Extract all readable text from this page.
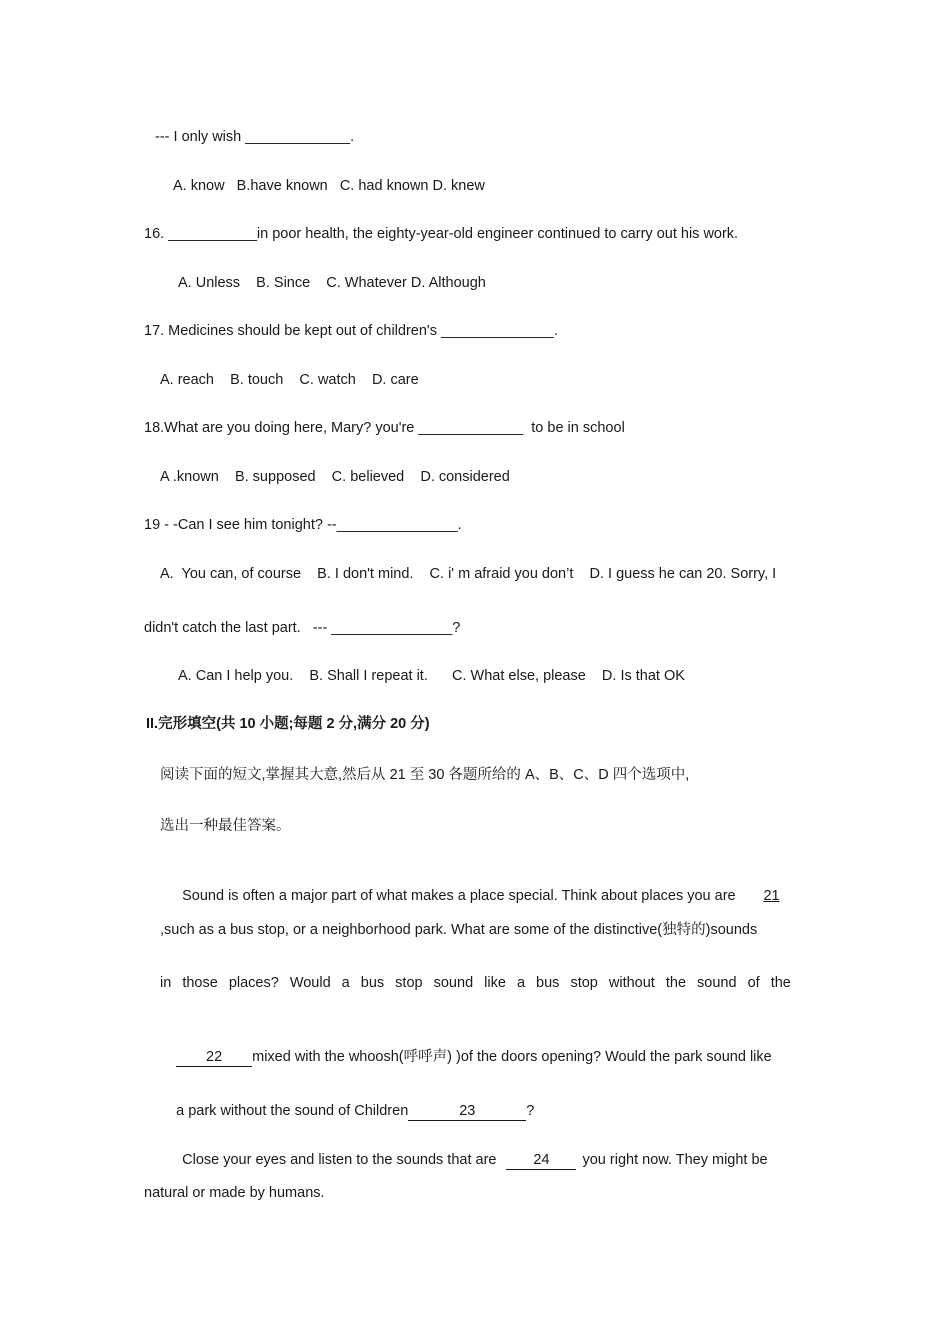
--- I only wish _____________.
A. know   B.have known   C. had known D. knew
16. ___________in poor health, the eighty-year-old engineer continued to carry out his work.
A. Unless    B. Since    C. Whatever D. Although
17. Medicines should be kept out of children's ______________.
A. reach    B. touch    C. watch    D. care
18.What are you doing here, Mary? you're _____________  to be in school
A .known    B. supposed    C. believed    D. considered
19 - -Can I see him tonight? --_______________.
A.  You can, of course    B. I don't mind.    C. i' m afraid you don’t    D. I guess he can 20. Sorry, I
didn't catch the last part.   --- _______________?
A. Can I help you.    B. Shall I repeat it.      C. What else, please    D. Is that OK
II.完形填空(共 10 小题;每题 2 分,满分 20 分)
阅读下面的短文,掌握其大意,然后从 21 至 30 各题所给的 A、B、C、D 四个选项中,
选出一种最佳答案。

Sound is often a major part of what makes a place special. Think about places you are 21

,such as a bus stop, or a neighborhood park. What are some of the distinctive(独特的)sounds
in those places? Would a bus stop sound like a bus stop without the sound of the

22 mixed with the whoosh(呼呼声) )of the doors opening? Would the park sound like

a park without the sound of Children	23	?

Close your eyes and listen to the sounds that are	24 you right now. They might be

natural or made by humans.
